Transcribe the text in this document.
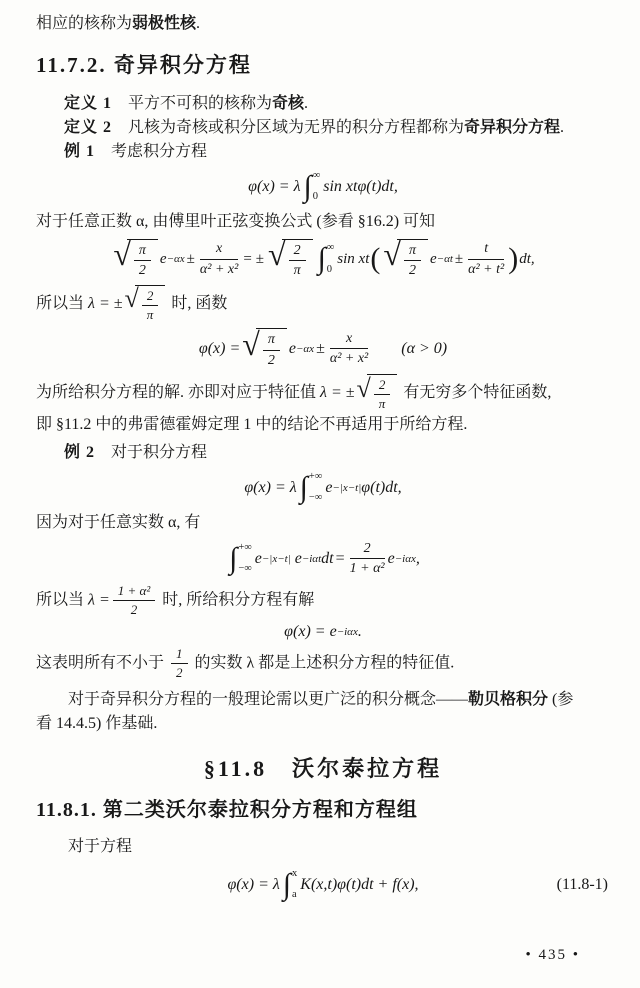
相应的核称为弱极性核.

11.7.2. 奇异积分方程

定义 1 平方不可积的核称为奇核.

定义 2 凡核为奇核或积分区域为无界的积分方程都称为奇异积分方程.

例 1 考虑积分方程

φ(x) = λ ∫ ∞
0
sin xtφ(t)dt,

对于任意正数 α, 由傅里叶正弦变换公式 (参看 §16.2) 可知

√ $\frac{\pi}{2}$ $e -\alpha x \pm \frac{x}{\text{α² + x²}}$ = ± √ $\frac{2}{\pi}$ ∫ ∞
0
sin xt ( √ $\frac{\pi}{2}$ $e -\alpha t \pm \frac{t}{\text{α² + t²}}$ ) dt,

所以当 λ = ± √ $\frac{2}{\pi}$ 时, 函数

φ(x) = √ $\frac{\pi}{2}$ $e -\alpha x \pm \frac{x}{\text{α² + x²}} (\alpha > 0)$

为所给积分方程的解. 亦即对应于特征值 λ = ± √ $\frac{2}{\pi}$ 有无穷多个特征函数,

即 §11.2 中的弗雷德霍姆定理 1 中的结论不再适用于所给方程.

例 2 对于积分方程

φ(x) = λ ∫ +∞
−∞
e −|x−t| φ(t)dt,

因为对于任意实数 α, 有

∫ +∞
−∞
e −|x−t| e −iαt dt = $\frac{2}{\text{1 + α²}}$ e −iαx ,

所以当 $\lambda = \frac{\text{1 + α²}}{2}$ 时, 所给积分方程有解

φ(x) = e −iαx .

这表明所有不小于 $\frac{1}{2}$ 的实数 λ 都是上述积分方程的特征值.

对于奇异积分方程的一般理论需以更广泛的积分概念——勒贝格积分 (参

看 14.4.5) 作基础.

§11.8　沃尔泰拉方程
11.8.1. 第二类沃尔泰拉积分方程和方程组

对于方程

φ(x) = λ ∫ x
a
K(x,t)φ(t)dt + f(x),	(11.8-1)
• 435 •
